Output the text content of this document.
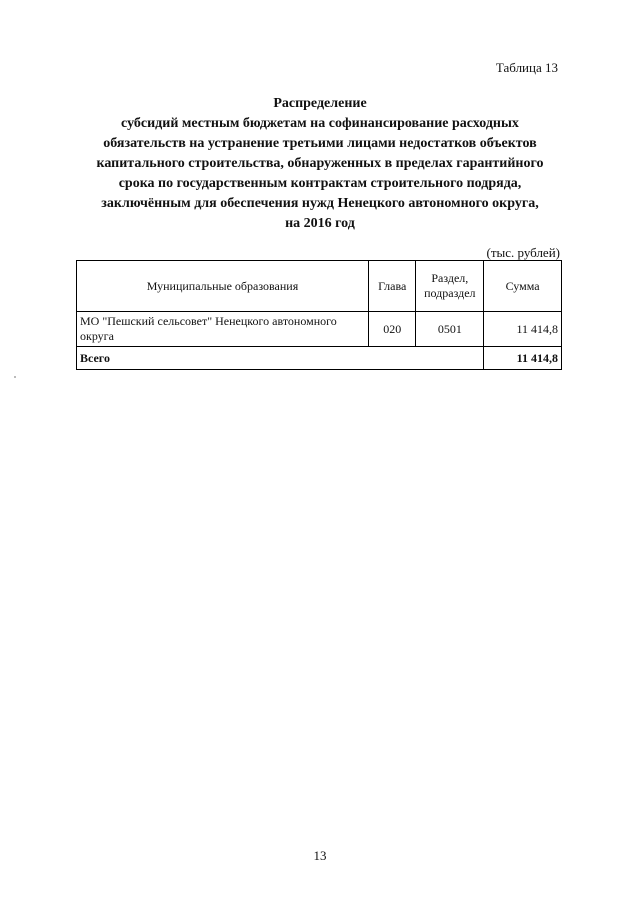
Таблица 13
Распределение
субсидий местным бюджетам на софинансирование расходных
обязательств на устранение третьими лицами недостатков объектов
капитального строительства, обнаруженных в пределах гарантийного
срока по государственным контрактам строительного подряда,
заключённым для обеспечения нужд Ненецкого автономного округа,
на 2016 год
(тыс. рублей)
Муниципальные образования	Глава	Раздел,
подраздел	Сумма
МО "Пешский сельсовет" Ненецкого автономного
округа	020	0501	11 414,8
Всего			11 414,8
13
